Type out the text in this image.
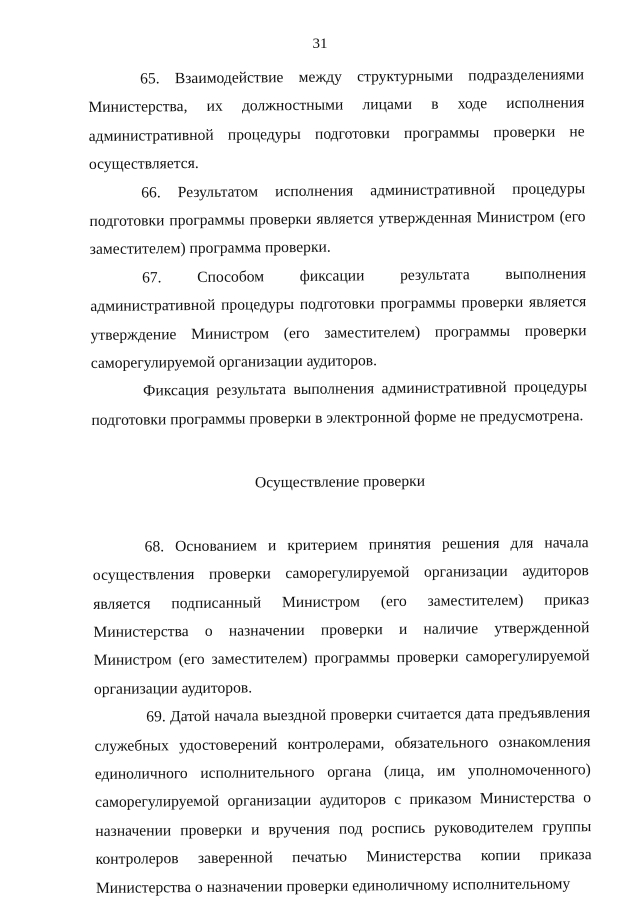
31

65. Взаимодействие между структурными подразделениями Министерства, их должностными лицами в ходе исполнения административной процедуры подготовки программы проверки не осуществляется.

66. Результатом исполнения административной процедуры подготовки программы проверки является утвержденная Министром (его заместителем) программа проверки.

67. Способом фиксации результата выполнения административной процедуры подготовки программы проверки является утверждение Министром (его заместителем) программы проверки саморегулируемой организации аудиторов.

Фиксация результата выполнения административной процедуры подготовки программы проверки в электронной форме не предусмотрена.

Осуществление проверки

68. Основанием и критерием принятия решения для начала осуществления проверки саморегулируемой организации аудиторов является подписанный Министром (его заместителем) приказ Министерства о назначении проверки и наличие утвержденной Министром (его заместителем) программы проверки саморегулируемой организации аудиторов.

69. Датой начала выездной проверки считается дата предъявления служебных удостоверений контролерами, обязательного ознакомления единоличного исполнительного органа (лица, им уполномоченного) саморегулируемой организации аудиторов с приказом Министерства о назначении проверки и вручения под роспись руководителем группы контролеров заверенной печатью Министерства копии приказа Министерства о назначении проверки единоличному исполнительному
